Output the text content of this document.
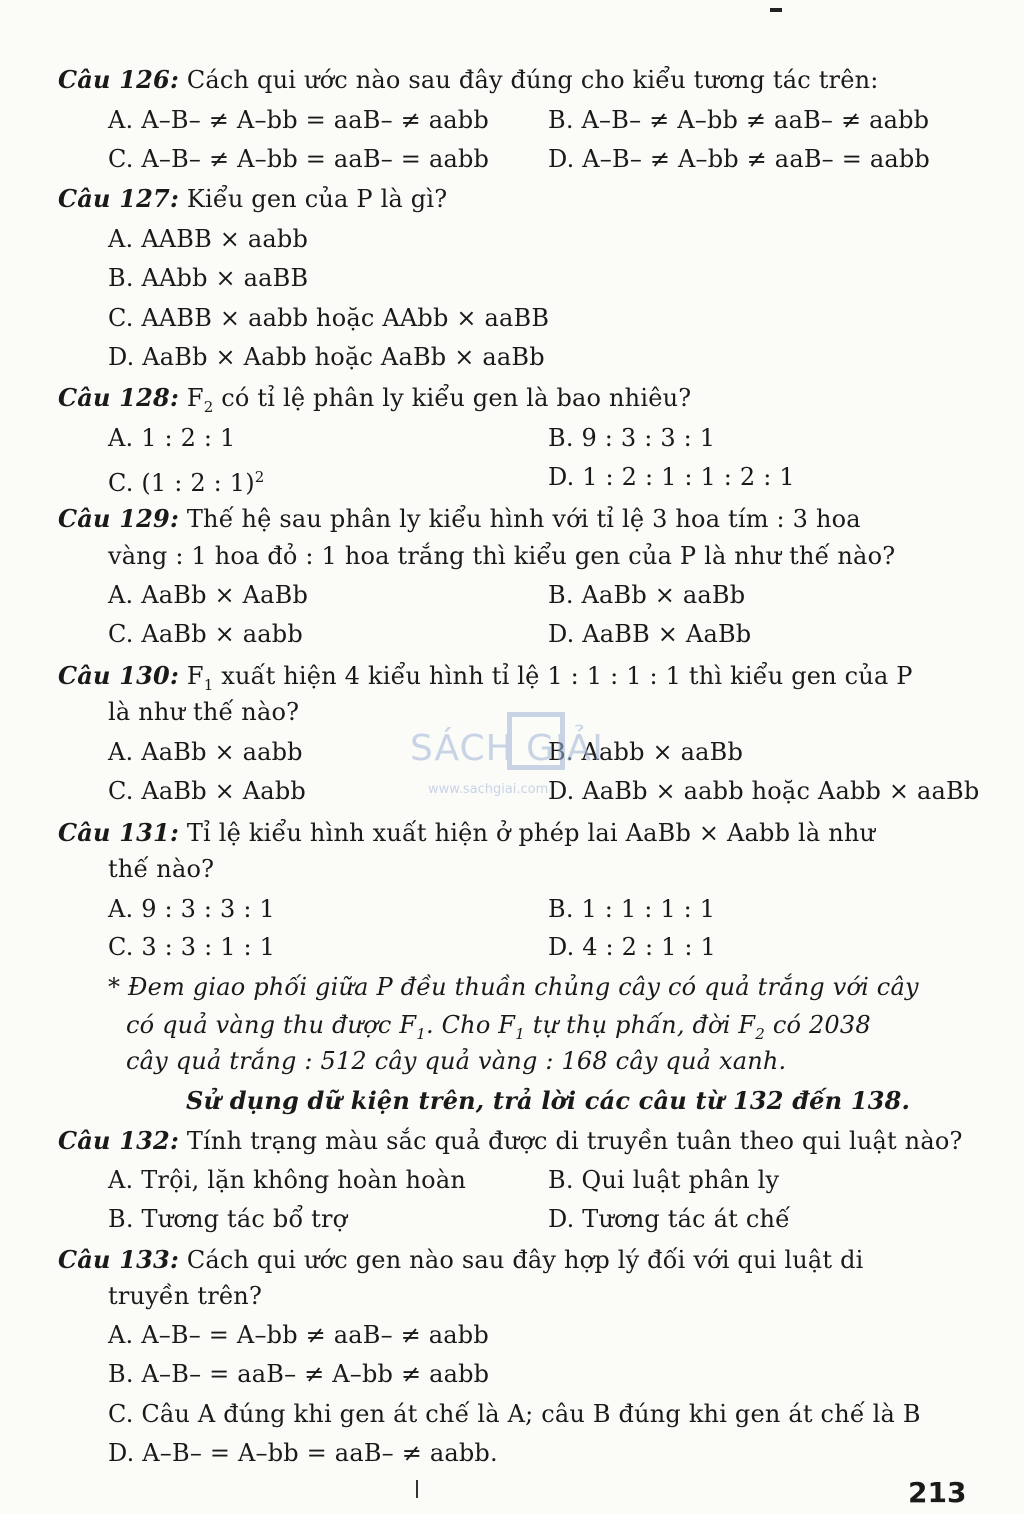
Câu 126: Cách qui ước nào sau đây đúng cho kiểu tương tác trên:
A. A–B– ≠ A–bb = aaB– ≠ aabb B. A–B– ≠ A–bb ≠ aaB– ≠ aabb
C. A–B– ≠ A–bb = aaB– = aabb D. A–B– ≠ A–bb ≠ aaB– = aabb
Câu 127: Kiểu gen của P là gì?
A. AABB × aabb
B. AAbb × aaBB
C. AABB × aabb hoặc AAbb × aaBB
D. AaBb × Aabb hoặc AaBb × aaBb
Câu 128: $F_2$ có tỉ lệ phân ly kiểu gen là bao nhiêu?
A. 1 : 2 : 1	B. 9 : 3 : 3 : 1
C. (1 : 2 : 1)$^2$	D. 1 : 2 : 1 : 1 : 2 : 1
Câu 129: Thế hệ sau phân ly kiểu hình với tỉ lệ 3 hoa tím : 3 hoa
vàng : 1 hoa đỏ : 1 hoa trắng thì kiểu gen của P là như thế nào?
A. AaBb × AaBb	B. AaBb × aaBb
C. AaBb × aabb	D. AaBB × AaBb
Câu 130: $F_1$ xuất hiện 4 kiểu hình tỉ lệ 1 : 1 : 1 : 1 thì kiểu gen của P
là như thế nào?
A. AaBb × aabb	B. Aabb × aaBb
C. AaBb × Aabb	D. AaBb × aabb hoặc Aabb × aaBb
Câu 131: Tỉ lệ kiểu hình xuất hiện ở phép lai AaBb × Aabb là như
thế nào?
A. 9 : 3 : 3 : 1	B. 1 : 1 : 1 : 1
C. 3 : 3 : 1 : 1	D. 4 : 2 : 1 : 1
* Đem giao phối giữa P đều thuần chủng cây có quả trắng với cây
có quả vàng thu được $F_1$. Cho $F_1$ tự thụ phấn, đời $F_2$ có 2038
cây quả trắng : 512 cây quả vàng : 168 cây quả xanh.
Sử dụng dữ kiện trên, trả lời các câu từ 132 đến 138.
Câu 132: Tính trạng màu sắc quả được di truyền tuân theo qui luật nào?
A. Trội, lặn không hoàn hoàn	B. Qui luật phân ly
B. Tương tác bổ trợ	D. Tương tác át chế
Câu 133: Cách qui ước gen nào sau đây hợp lý đối với qui luật di
truyền trên?
A. A–B– = A–bb ≠ aaB– ≠ aabb
B. A–B– = aaB– ≠ A–bb ≠ aabb
C. Câu A đúng khi gen át chế là A; câu B đúng khi gen át chế là B
D. A–B– = A–bb = aaB– ≠ aabb.
SÁCH GIẢI
www.sachgiai.com
213
